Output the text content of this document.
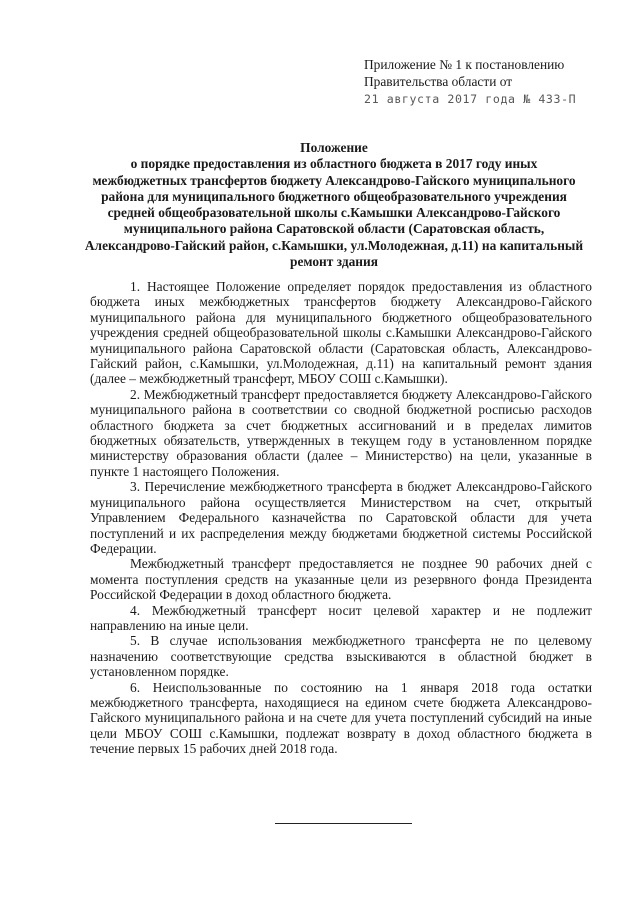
Приложение № 1 к постановлению
Правительства области от
21 августа 2017 года № 433-П
Положение
о порядке предоставления из областного бюджета в 2017 году иных межбюджетных трансфертов бюджету Александрово-Гайского муниципального района для муниципального бюджетного общеобразовательного учреждения средней общеобразовательной школы с.Камышки Александрово-Гайского муниципального района Саратовской области (Саратовская область, Александрово-Гайский район, с.Камышки, ул.Молодежная, д.11) на капитальный ремонт здания

1. Настоящее Положение определяет порядок предоставления из областного бюджета иных межбюджетных трансфертов бюджету Александрово-Гайского муниципального района для муниципального бюджетного общеобразовательного учреждения средней общеобразовательной школы с.Камышки Александрово-Гайского муниципального района Саратовской области (Саратовская область, Александрово-Гайский район, с.Камышки, ул.Молодежная, д.11) на капитальный ремонт здания (далее – межбюджетный трансферт, МБОУ СОШ с.Камышки).

2. Межбюджетный трансферт предоставляется бюджету Александрово-Гайского муниципального района в соответствии со сводной бюджетной росписью расходов областного бюджета за счет бюджетных ассигнований и в пределах лимитов бюджетных обязательств, утвержденных в текущем году в установленном порядке министерству образования области (далее – Министерство) на цели, указанные в пункте 1 настоящего Положения.

3. Перечисление межбюджетного трансферта в бюджет Александрово-Гайского муниципального района осуществляется Министерством на счет, открытый Управлением Федерального казначейства по Саратовской области для учета поступлений и их распределения между бюджетами бюджетной системы Российской Федерации.

Межбюджетный трансферт предоставляется не позднее 90 рабочих дней с момента поступления средств на указанные цели из резервного фонда Президента Российской Федерации в доход областного бюджета.

4. Межбюджетный трансферт носит целевой характер и не подлежит направлению на иные цели.

5. В случае использования межбюджетного трансферта не по целевому назначению соответствующие средства взыскиваются в областной бюджет в установленном порядке.

6. Неиспользованные по состоянию на 1 января 2018 года остатки межбюджетного трансферта, находящиеся на едином счете бюджета Александрово-Гайского муниципального района и на счете для учета поступлений субсидий на иные цели МБОУ СОШ с.Камышки, подлежат возврату в доход областного бюджета в течение первых 15 рабочих дней 2018 года.
